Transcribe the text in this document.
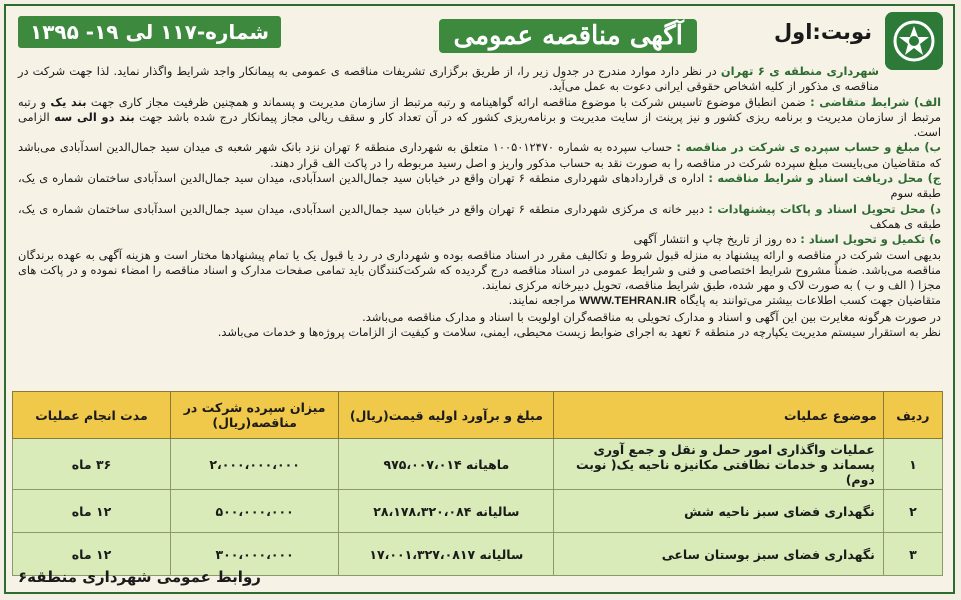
نوبت:اول
آگهی مناقصه عمومی
شماره-۱۱۷ لی ۱۹- ۱۳۹۵

شهرداری منطقه ی ۶ تهران در نظر دارد موارد مندرج در جدول زیر را، از طریق برگزاری تشریفات مناقصه ی عمومی به پیمانکار واجد شرایط واگذار نماید. لذا جهت شرکت در مناقصه ی مذکور از کلیه اشخاص حقوقی ایرانی دعوت به عمل می‌آید.

الف) شرایط متقاضی : ضمن انطباق موضوع تاسیس شرکت با موضوع مناقصه ارائه گواهینامه و رتبه مرتبط از سازمان مدیریت و پسماند و همچنین ظرفیت مجاز کاری جهت بند یک و رتبه مرتبط از سازمان مدیریت و برنامه ریزی کشور و نیز پرینت از سایت مدیریت و برنامه‌ریزی کشور که در آن تعداد کار و سقف ریالی مجاز پیمانکار درج شده باشد جهت بند دو الی سه الزامی است.

ب) مبلغ و حساب سپرده ی شرکت در مناقصه : حساب سپرده به شماره ۱۰۰۵۰۱۲۴۷۰ متعلق به شهرداری منطقه ۶ تهران نزد بانک شهر شعبه ی میدان سید جمال‌الدین اسدآبادی می‌باشد که متقاضیان می‌بایست مبلغ سپرده شرکت در مناقصه را به صورت نقد به حساب مذکور واریز و اصل رسید مربوطه را در پاکت الف قرار دهند.

ج) محل دریافت اسناد و شرایط مناقصه : اداره ی قراردادهای شهرداری منطقه ۶ تهران واقع در خیابان سید جمال‌الدین اسدآبادی، میدان سید جمال‌الدین اسدآبادی ساختمان شماره ی یک، طبقه سوم

د) محل تحویل اسناد و پاکات پیشنهادات : دبیر خانه ی مرکزی شهرداری منطقه ۶ تهران واقع در خیابان سید جمال‌الدین اسدآبادی، میدان سید جمال‌الدین اسدآبادی ساختمان شماره ی یک، طبقه ی همکف

ه) تکمیل و تحویل اسناد : ده روز از تاریخ چاپ و انتشار آگهی

بدیهی است شرکت در مناقصه و ارائه پیشنهاد به منزله قبول شروط و تکالیف مقرر در اسناد مناقصه بوده و شهرداری در رد یا قبول یک یا تمام پیشنهادها مختار است و هزینه آگهی به عهده برندگان مناقصه می‌باشد. ضمناً مشروح شرایط اختصاصی و فنی و شرایط عمومی در اسناد مناقصه درج گردیده که شرکت‌کنندگان باید تمامی صفحات مدارک و اسناد مناقصه را امضاء نموده و در پاکت های مجزا ( الف و ب ) به صورت لاک و مهر شده، طبق شرایط مناقصه، تحویل دبیرخانه مرکزی نمایند.

متقاضیان جهت کسب اطلاعات بیشتر می‌توانند به پایگاه WWW.TEHRAN.IR مراجعه نمایند.

در صورت هرگونه مغایرت بین این آگهی و اسناد و مدارک تحویلی به مناقصه‌گران اولویت با اسناد و مدارک مناقصه می‌باشد.

نظر به استقرار سیستم مدیریت یکپارچه در منطقه ۶ تعهد به اجرای ضوابط زیست محیطی، ایمنی، سلامت و کیفیت از الزامات پروژه‌ها و خدمات می‌باشد.

ردیف	موضوع عملیات	مبلغ و برآورد اولیه قیمت(ریال)	میزان سپرده شرکت در مناقصه(ریال)	مدت انجام عملیات
۱	عملیات واگذاری امور حمل و نقل و جمع آوری پسماند و خدمات نظافتی مکانیزه ناحیه یک( نوبت دوم)	ماهیانه ۹۷۵،۰۰۷،۰۱۴	۲،۰۰۰،۰۰۰،۰۰۰	۳۶ ماه
۲	نگهداری فضای سبز ناحیه شش	سالیانه ۲۸،۱۷۸،۳۲۰،۰۸۴	۵۰۰،۰۰۰،۰۰۰	۱۲ ماه
۳	نگهداری فضای سبز بوستان ساعی	سالیانه ۱۷،۰۰۱،۳۲۷،۰۸۱۷	۳۰۰،۰۰۰،۰۰۰	۱۲ ماه
روابط عمومی شهرداری منطقه۶
